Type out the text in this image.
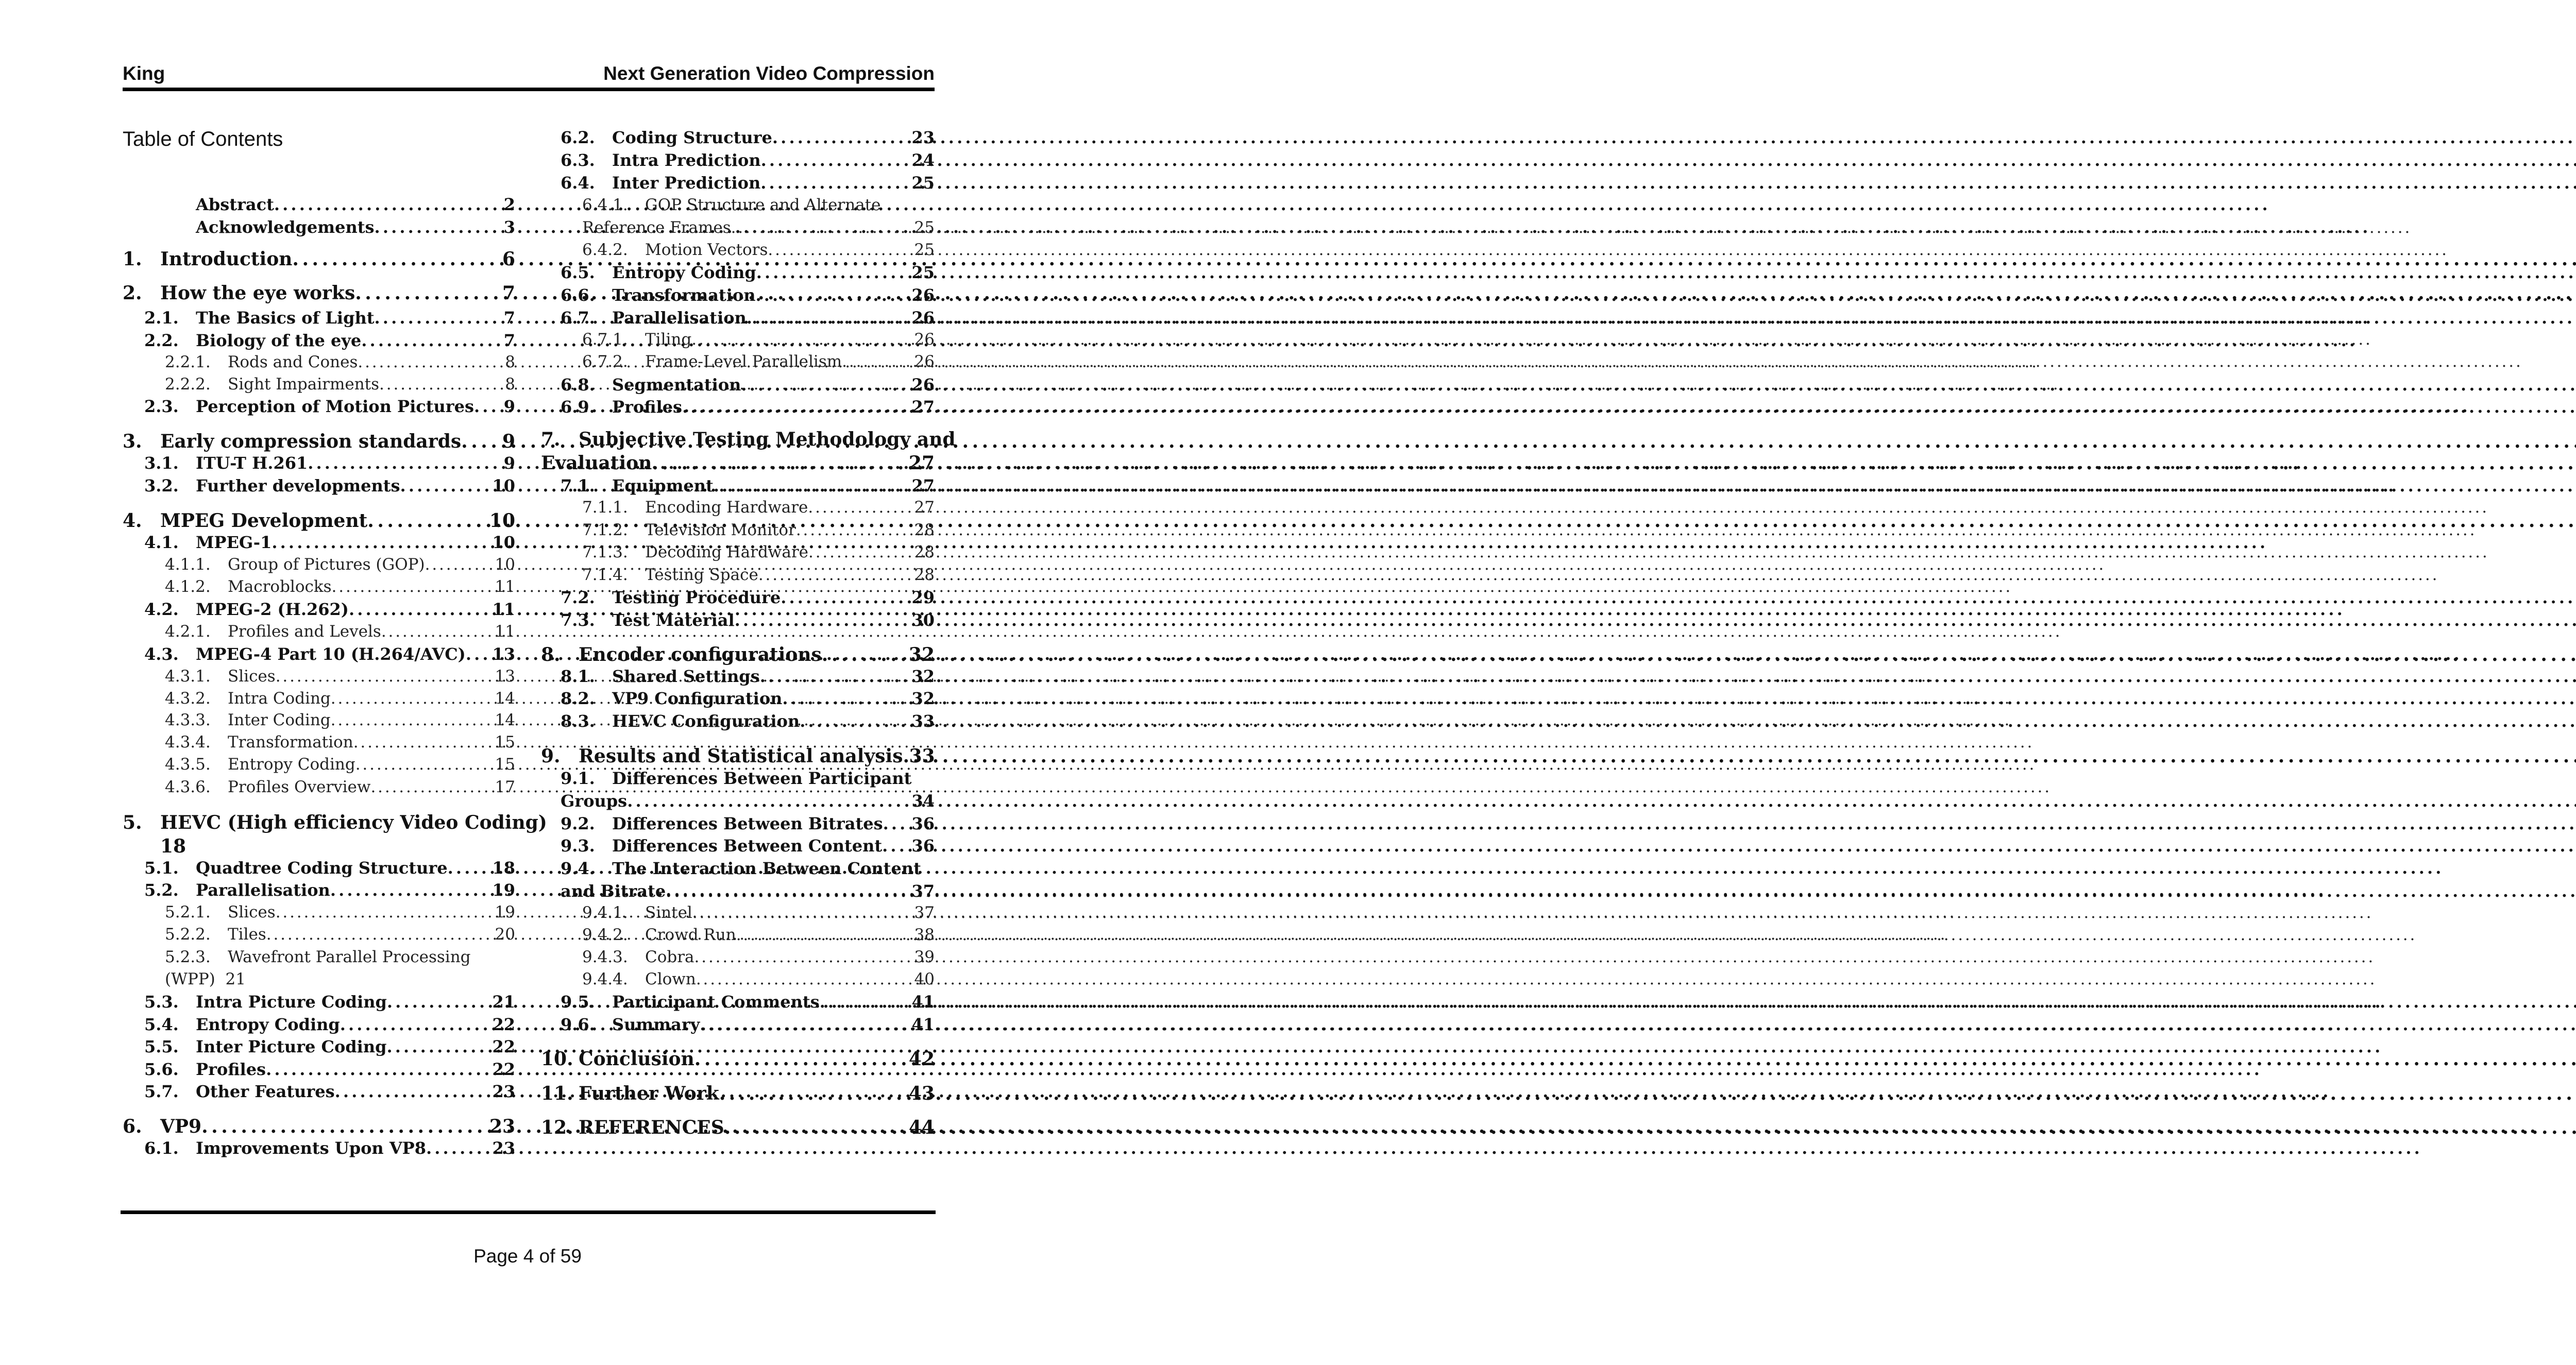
King	Next Generation Video Compression
Table of Contents
Abstract . . .	2
Acknowledgements . . .	3
1. Introduction . . .	6
2. How the eye works . . .	7
2.1.	The Basics of Light . . .	7
2.2.	Biology of the eye . . .	7
2.2.1.	Rods and Cones . . .	8
2.2.2.	Sight Impairments . . .	8
2.3.	Perception of Motion Pictures . . . 9
3. Early compression standards . . . 9
3.1.	ITU-T H.261 . . .	9
3.2.	Further developments . . .	10
4. MPEG Development . . .	10
4.1.	MPEG-1 . . .	10
4.1.1.	Group of Pictures (GOP) . . .	10
4.1.2.	Macroblocks . . .	11
4.2.	MPEG-2 (H.262) . . .	11
4.2.1.	Profiles and Levels . . .	11
4.3.	MPEG-4 Part 10 (H.264/AVC) . . . 13
4.3.1.	Slices . . .	13
4.3.2.	Intra Coding . . .	14
4.3.3.	Inter Coding . . .	14
4.3.4.	Transformation . . .	15
4.3.5.	Entropy Coding . . .	15
4.3.6.	Profiles Overview . . .	17
5. HEVC (High efficiency Video Coding)
18
5.1.	Quadtree Coding Structure . . .	18
5.2.	Parallelisation . . .	19
5.2.1.	Slices . . .	19
5.2.2.	Tiles . . .	20
5.2.3. Wavefront Parallel Processing
(WPP)  21
5.3.	Intra Picture Coding . . .	21
5.4.	Entropy Coding . . .	22
5.5.	Inter Picture Coding . . .	22
5.6.	Profiles . . .	22
5.7.	Other Features . . .	23
6. VP9 . . .	23
6.1.	Improvements Upon VP8 . . .	23
6.2.	Coding Structure . . .	23
6.3.	Intra Prediction . . .	24
6.4.	Inter Prediction . . .	25
6.4.1. GOP Structure and Alternate
Reference Frames . . .	25
6.4.2.	Motion Vectors . . .	25
6.5.	Entropy Coding . . .	25
6.6.	Transformation . . .	26
6.7.	Parallelisation . . .	26
6.7.1.	Tiling . . .	26
6.7.2.	Frame-Level Parallelism . . .	26
6.8.	Segmentation . . .	26
6.9.	Profiles . . .	27
7. Subjective Testing Methodology and
Evaluation . . .	27
7.1.	Equipment . . .	27
7.1.1.	Encoding Hardware . . .	27
7.1.2.	Television Monitor . . .	28
7.1.3.	Decoding Hardware . . .	28
7.1.4.	Testing Space . . .	28
7.2.	Testing Procedure . . .	29
7.3.	Test Material . . .	30
8. Encoder configurations . . .	32
8.1.	Shared Settings . . .	32
8.2.	VP9 Configuration . . .	32
8.3.	HEVC Configuration . . .	33
9. Results and Statistical analysis . . . 33
9.1. Differences Between Participant
Groups . . .	34
9.2.	Differences Between Bitrates . . . 36
9.3.	Differences Between Content . . . 36
9.4. The Interaction Between Content
and Bitrate . . .	37
9.4.1.	Sintel . . .	37
9.4.2.	Crowd Run . . .	38
9.4.3.	Cobra . . .	39
9.4.4.	Clown . . .	40
9.5.	Participant Comments . . .	41
9.6.	Summary . . .	41
10. Conclusion . . .	42
11. Further Work . . .	43
12. REFERENCES . . .	44
Page 4 of 59
